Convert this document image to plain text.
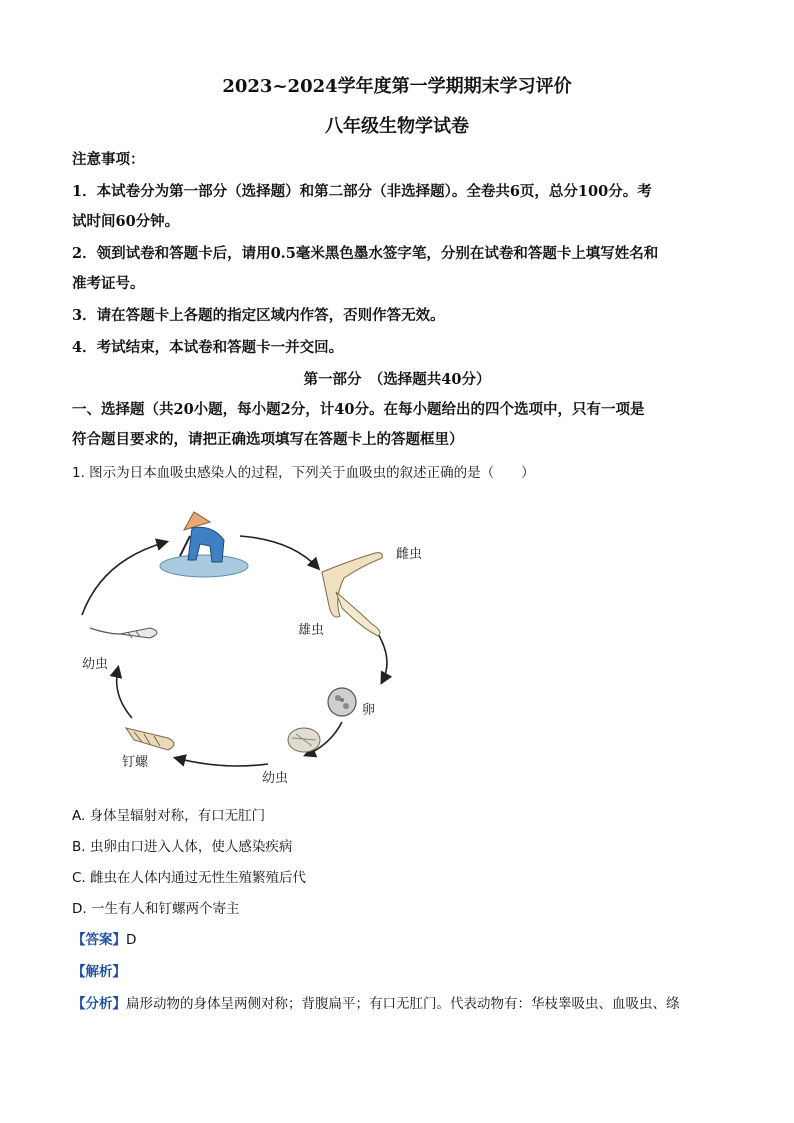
2023~2024学年度第一学期期末学习评价
八年级生物学试卷
注意事项：
1．本试卷分为第一部分（选择题）和第二部分（非选择题）。全卷共6页，总分100分。考
试时间60分钟。
2．领到试卷和答题卡后，请用0.5毫米黑色墨水签字笔，分别在试卷和答题卡上填写姓名和
准考证号。
3．请在答题卡上各题的指定区域内作答，否则作答无效。
4．考试结束，本试卷和答题卡一并交回。
第一部分　（选择题共40分）
一、选择题（共20小题，每小题2分，计40分。在每小题给出的四个选项中，只有一项是
符合题目要求的，请把正确选项填写在答题卡上的答题框里）
1. 图示为日本血吸虫感染人的过程，下列关于血吸虫的叙述正确的是（　　）
雌虫
雄虫
卵
幼虫
钉螺
幼虫
A. 身体呈辐射对称，有口无肛门
B. 虫卵由口进入人体，使人感染疾病
C. 雌虫在人体内通过无性生殖繁殖后代
D. 一生有人和钉螺两个寄主
【答案】D
【解析】
【分析】扁形动物的身体呈两侧对称；背腹扁平；有口无肛门。代表动物有：华枝睾吸虫、血吸虫、绦
